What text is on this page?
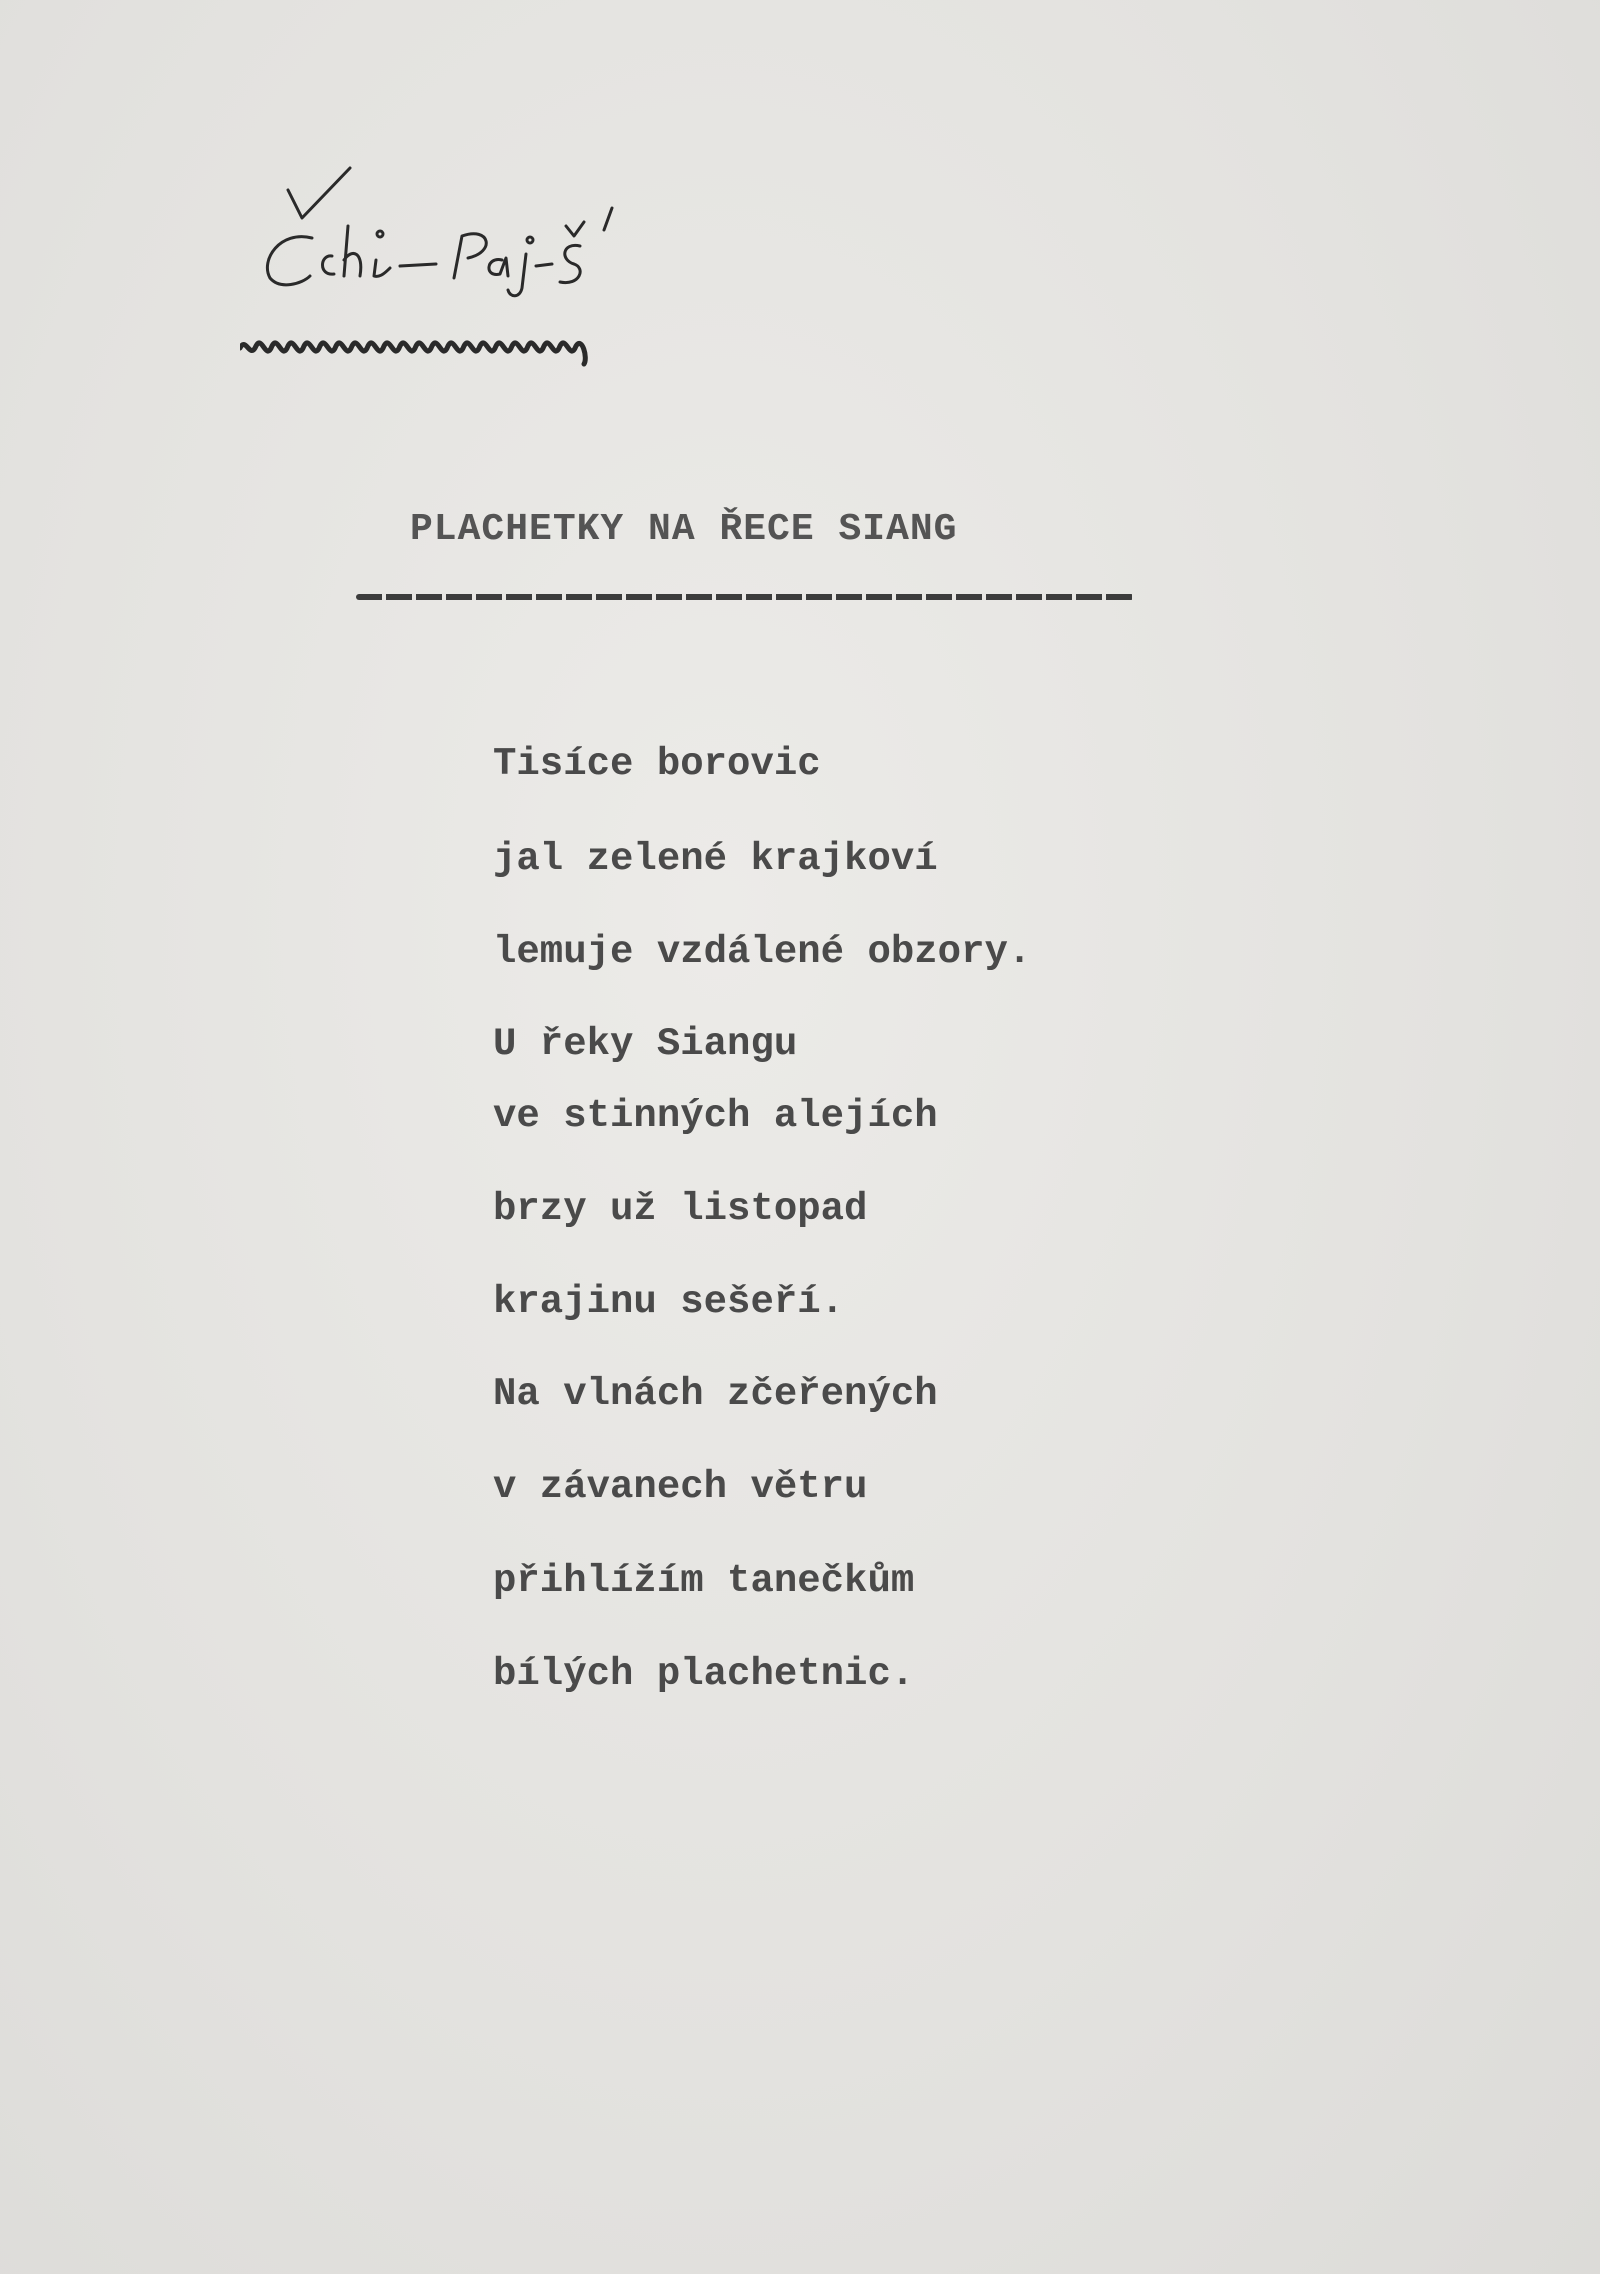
PLACHETKY NA ŘECE SIANG
Tisíce borovic
jal zelené krajkoví
lemuje vzdálené obzory.
U řeky Siangu
ve stinných alejích
brzy už listopad
krajinu sešeří.
Na vlnách zčeřených
v závanech větru
přihlížím tanečkům
bílých plachetnic.
